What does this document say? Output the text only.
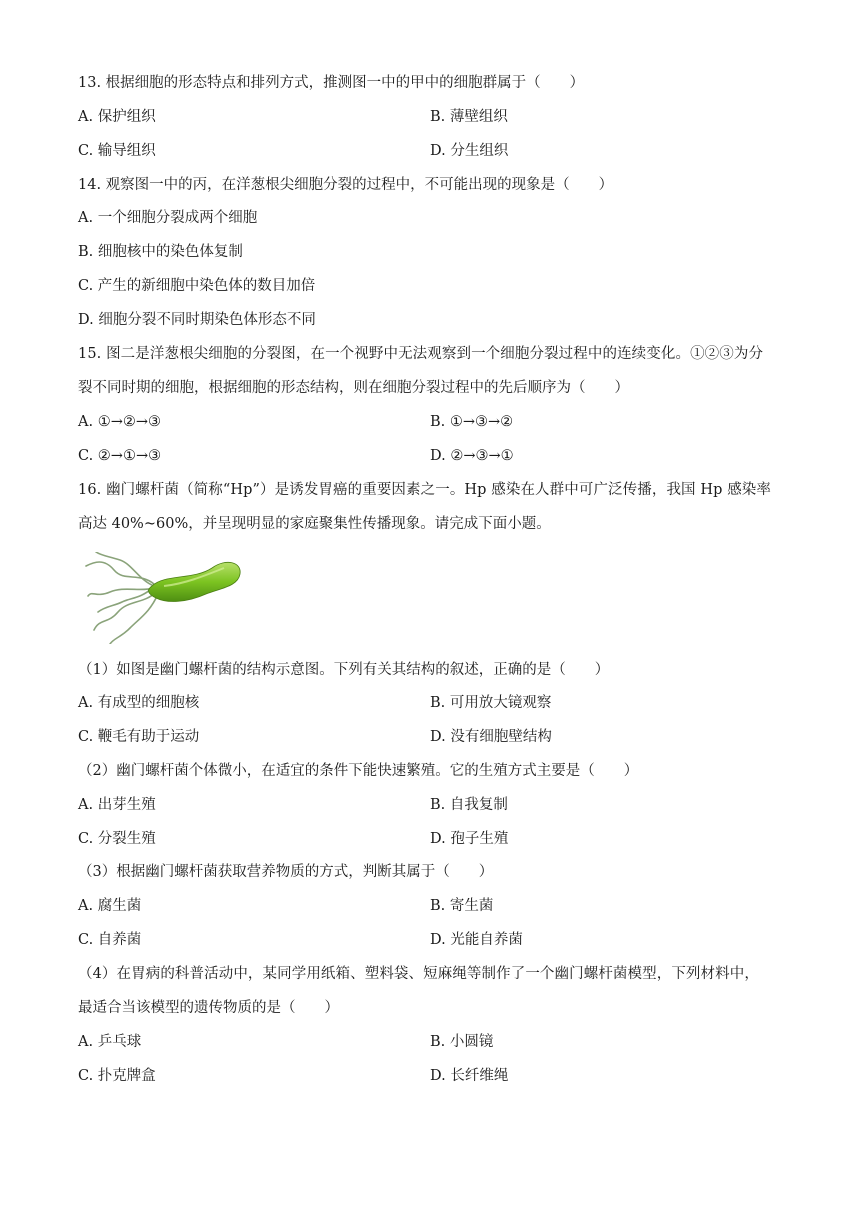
13. 根据细胞的形态特点和排列方式，推测图一中的甲中的细胞群属于（　　）
A. 保护组织	B. 薄壁组织
C. 输导组织	D. 分生组织
14. 观察图一中的丙，在洋葱根尖细胞分裂的过程中，不可能出现的现象是（　　）
A. 一个细胞分裂成两个细胞
B. 细胞核中的染色体复制
C. 产生的新细胞中染色体的数目加倍
D. 细胞分裂不同时期染色体形态不同
15. 图二是洋葱根尖细胞的分裂图，在一个视野中无法观察到一个细胞分裂过程中的连续变化。①②③为分
裂不同时期的细胞，根据细胞的形态结构，则在细胞分裂过程中的先后顺序为（　　）
A. ①→②→③	B. ①→③→②
C. ②→①→③	D. ②→③→①
16. 幽门螺杆菌（简称“Hp”）是诱发胃癌的重要因素之一。Hp 感染在人群中可广泛传播，我国 Hp 感染率
高达 40%~60%，并呈现明显的家庭聚集性传播现象。请完成下面小题。
（1）如图是幽门螺杆菌的结构示意图。下列有关其结构的叙述，正确的是（　　）
A. 有成型的细胞核	B. 可用放大镜观察
C. 鞭毛有助于运动	D. 没有细胞壁结构
（2）幽门螺杆菌个体微小，在适宜的条件下能快速繁殖。它的生殖方式主要是（　　）
A. 出芽生殖	B. 自我复制
C. 分裂生殖	D. 孢子生殖
（3）根据幽门螺杆菌获取营养物质的方式，判断其属于（　　）
A. 腐生菌	B. 寄生菌
C. 自养菌	D. 光能自养菌
（4）在胃病的科普活动中，某同学用纸箱、塑料袋、短麻绳等制作了一个幽门螺杆菌模型，下列材料中，
最适合当该模型的遗传物质的是（　　）
A. 乒乓球	B. 小圆镜
C. 扑克牌盒	D. 长纤维绳
